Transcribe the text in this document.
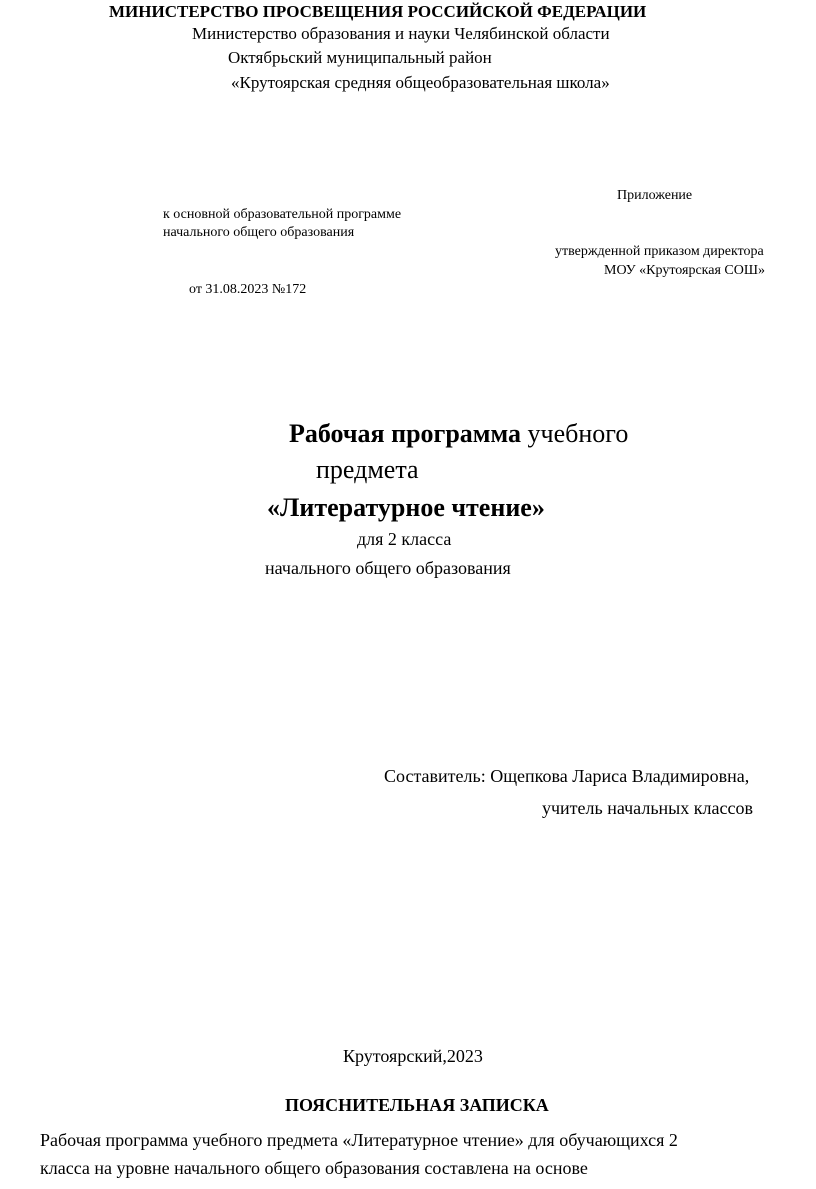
МИНИСТЕРСТВО ПРОСВЕЩЕНИЯ РОССИЙСКОЙ ФЕДЕРАЦИИ
Министерство образования и науки Челябинской области
Октябрьский муниципальный район
«Крутоярская средняя общеобразовательная школа»
Приложение
к основной образовательной программе
начального общего образования
утвержденной приказом директора
МОУ «Крутоярская СОШ»
от 31.08.2023 №172
Рабочая программа учебного
предмета
«Литературное чтение»
для 2 класса
начального общего образования
Составитель: Ощепкова Лариса Владимировна,
учитель начальных классов
Крутоярский,2023
ПОЯСНИТЕЛЬНАЯ ЗАПИСКА
Рабочая программа учебного предмета «Литературное чтение» для обучающихся 2
класса на уровне начального общего образования составлена на основе
